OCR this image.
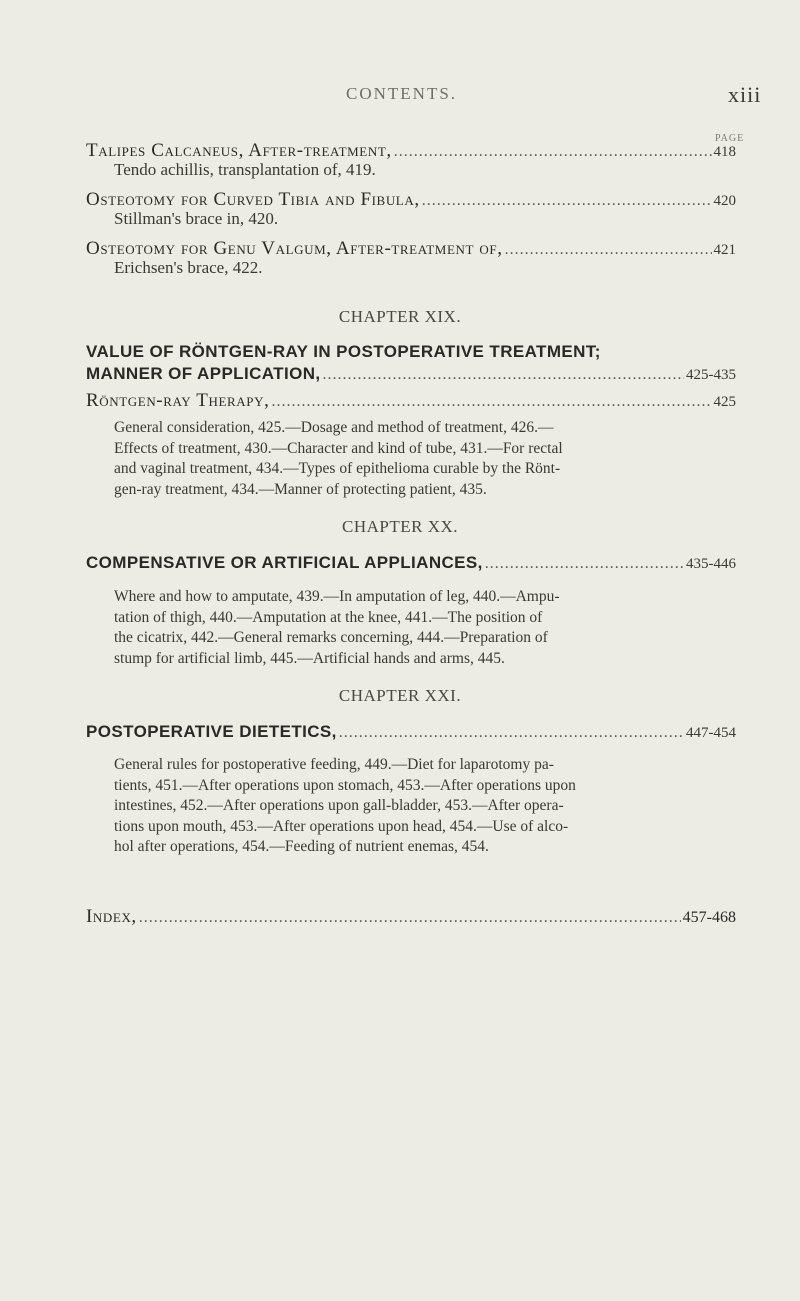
CONTENTS.	xiii
PAGE
Talipes Calcaneus, After-treatment, .....	418
Tendo achillis, transplantation of, 419.
Osteotomy for Curved Tibia and Fibula, .....	420
Stillman's brace in, 420.
Osteotomy for Genu Valgum, After-treatment of, .....	421
Erichsen's brace, 422.
CHAPTER XIX.
VALUE OF RÖNTGEN-RAY IN POSTOPERATIVE TREATMENT;
MANNER OF APPLICATION, .....	425-435
Röntgen-ray Therapy, .....	425
General consideration, 425.—Dosage and method of treatment, 426.—
Effects of treatment, 430.—Character and kind of tube, 431.—For rectal
and vaginal treatment, 434.—Types of epithelioma curable by the Rönt-
gen-ray treatment, 434.—Manner of protecting patient, 435.
CHAPTER XX.
COMPENSATIVE OR ARTIFICIAL APPLIANCES, .....	435-446
Where and how to amputate, 439.—In amputation of leg, 440.—Ampu-
tation of thigh, 440.—Amputation at the knee, 441.—The position of
the cicatrix, 442.—General remarks concerning, 444.—Preparation of
stump for artificial limb, 445.—Artificial hands and arms, 445.
CHAPTER XXI.
POSTOPERATIVE DIETETICS, .....	447-454
General rules for postoperative feeding, 449.—Diet for laparotomy pa-
tients, 451.—After operations upon stomach, 453.—After operations upon
intestines, 452.—After operations upon gall-bladder, 453.—After opera-
tions upon mouth, 453.—After operations upon head, 454.—Use of alco-
hol after operations, 454.—Feeding of nutrient enemas, 454.
Index, .....	457-468
